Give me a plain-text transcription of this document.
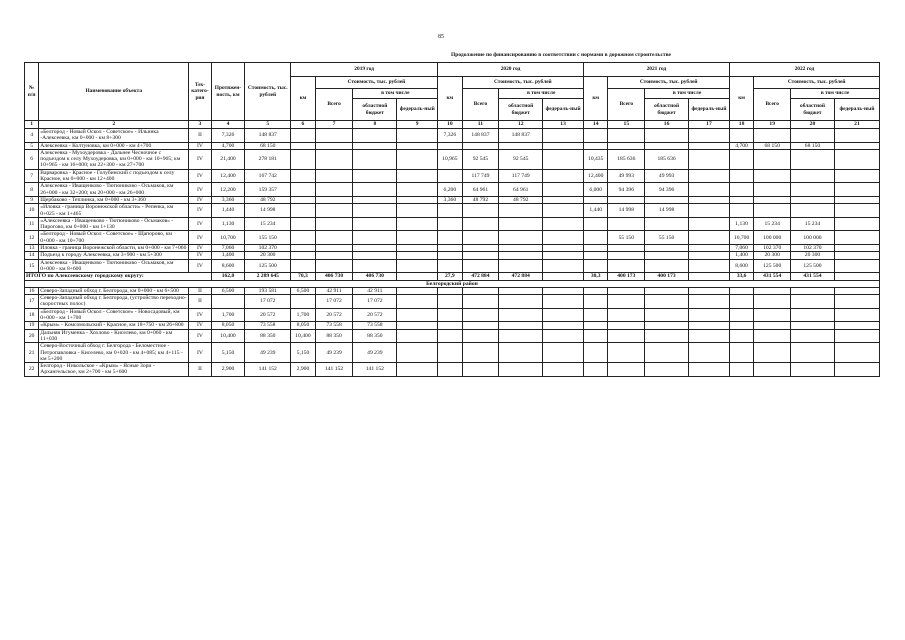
85
Продолжение по финансированию в соответствии с нормами в дорожном строительстве
№ п/п	Наименование объекта	Тех-катего-рия	Протяжен-ность, км	Стоимость, тыс. рублей	2019 год				2020 год				2021 год				2022 год			
					км	Стоимость, тыс. рублей			км	Стоимость, тыс. рублей			км	Стоимость, тыс. рублей			км	Стоимость, тыс. рублей		
						Всего	в том числе			Всего	в том числе			Всего	в том числе			Всего	в том числе	
							областной бюджет	федераль-ный			областной бюджет	федераль-ный			областной бюджет	федераль-ный			областной бюджет	федераль-ный
1	2	3	4	5	6	7	8	9	10	11	12	13	14	15	16	17	18	19	20	21
4	«Белгород - Новый Оскол - Советское» - Ильинка -Алексеевка, км 0+000 - км 8+300	II	7,326	148 837					7,326	148 837	148 837									
5	Алексеевка - Колтуновка, км 0+000 - км 4+700	IV	4,700	68 150													4,700	68 150	68 150	
6	Алексеевка - Мухоудеровка - Дальнее Чесночное с подъездом к селу Мухоудеровка, км 0+000 - км 10+965; км 10+965 - км 16+000; км 22+300 - км 27+700	IV	21,400	278 181					10,965	92 545	92 545		10,435	185 636	185 636					
7	Варваровка - Красное - Голубинский с подъездом к селу Красное, км 0+000 - км 12+400	IV	12,400	167 742						117 749	117 749		12,400	49 993	49 993					
8	Алексеевка - Иващенково - Тютюниково - Осьмаков, км 26+000 - км 32+200; км 20+000 - км 26+000	IV	12,200	159 357					6,200	64 961	64 961		6,000	94 396	94 396					
9	Щербаково - Теплинка, км 0+000 - км 3+360	IV	3,360	48 792					3,360	48 792	48 792									
10	«Иловка - граница Воронежской области» - Репенка, км 0+025 - км 1+465	IV	1,440	14 998									1,440	14 998	14 998					
11	«Алексеевка - Иващенково - Тютюниково - Осьмаков» - Пирогово, км 0+000 - км 1+130	IV	1,130	15 234													1,130	15 234	15 234	
12	«Белгород - Новый Оскол - Советское» - Щапорово, км 0+000 - км 10+700	IV	10,700	155 150										55 150	55 150		10,700	100 000	100 000	
13	Иловка - граница Воронежской области, км 0+000 - км 7+060	IV	7,060	102 370													7,060	102 370	102 370	
14	Подъезд к городу Алексеевка, км 3+900 - км 5+300	IV	1,400	20 300													1,400	20 300	20 300	
15	Алексеевка - Иващенково - Тютюниково - Осьмаков, км 0+000 - км 8+600	IV	8,600	125 500													8,600	125 500	125 500	
ИТОГО по Алексеевскому городскому округу:			162,0	2 289 645	70,3	406 730	406 730		27,9	472 884	472 884		30,3	400 173	400 173		33,6	431 554	431 554	
Белгородский район																				
16	Северо-Западный обход г. Белгорода, км 0+000 - км 6+500	II	6,500	193 581	6,500	42 911	42 911													
17	Северо-Западный обход г. Белгорода, (устройство переходно-скоростных полос)	II		17 072		17 072	17 072													
18	«Белгород - Новый Оскол - Советское» - Новосадовый, км 0+000 - км 1+700	IV	1,700	20 572	1,700	20 572	20 572													
19	«Крым» - Комсомольский - Красное, км 18+750 - км 26+800	IV	8,050	73 558	8,050	73 558	73 558													
20	Дальняя Игуменка - Хохлово - Киселево, км 0+060 - км 11+030	IV	10,400	88 350	10,400	88 350	88 350													
21	Северо-Восточный обход г. Белгорода - Беломестное - Петропавловка - Киселево, км 0+020 - км 4+085; км 4+115 - км 5+200	IV	5,150	49 239	5,150	49 239	49 239													
22	Белгород - Никольское - «Крым» - Ясные Зори - Архангельское, км 2+700 - км 5+600	II	2,900	141 152	2,900	141 152	141 152													
